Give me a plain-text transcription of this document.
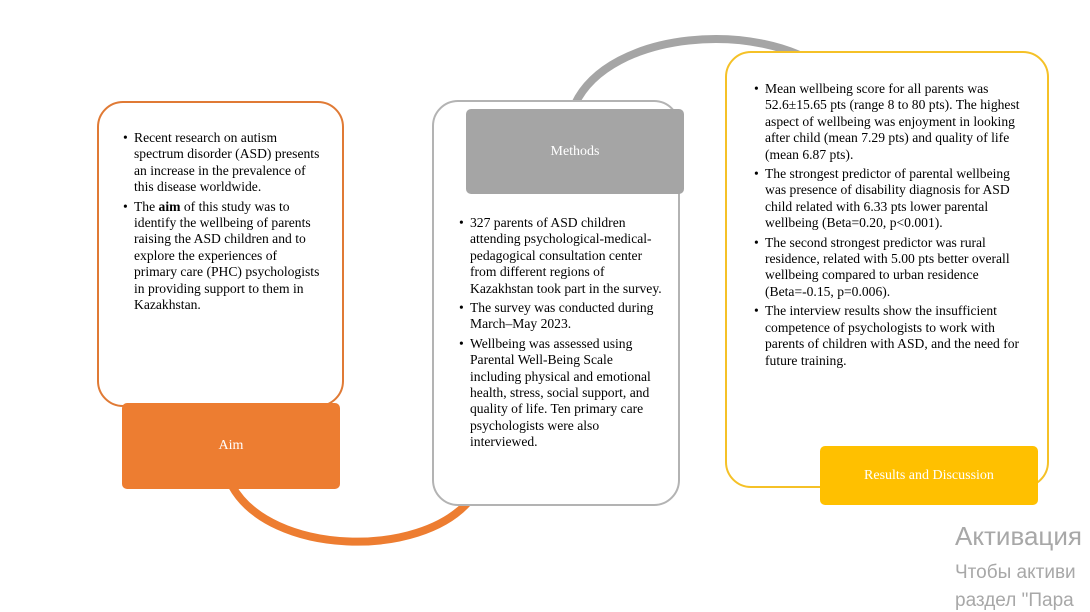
• Recent research on autism spectrum disorder (ASD) presents an increase in the prevalence of this disease worldwide.
• The aim of this study was to identify the wellbeing of parents raising the ASD children and to explore the experiences of primary care (PHC) psychologists in providing support to them in Kazakhstan.
Aim
• 327 parents of ASD children attending psychological-medical-pedagogical consultation center from different regions of Kazakhstan took part in the survey.
• The survey was conducted during March–May 2023.
• Wellbeing was assessed using Parental Well-Being Scale including physical and emotional health, stress, social support, and quality of life. Ten primary care psychologists were also interviewed.
Methods
• Mean wellbeing score for all parents was 52.6±15.65 pts (range 8 to 80 pts). The highest aspect of wellbeing was enjoyment in looking after child (mean 7.29 pts) and quality of life (mean 6.87 pts).
• The strongest predictor of parental wellbeing was presence of disability diagnosis for ASD child related with 6.33 pts lower parental wellbeing (Beta=0.20, p<0.001).
• The second strongest predictor was rural residence, related with 5.00 pts better overall wellbeing compared to urban residence (Beta=-0.15, p=0.006).
• The interview results show the insufficient competence of psychologists to work with parents of children with ASD, and the need for future training.
Results and Discussion
Активация
Чтобы активи
раздел "Пара
